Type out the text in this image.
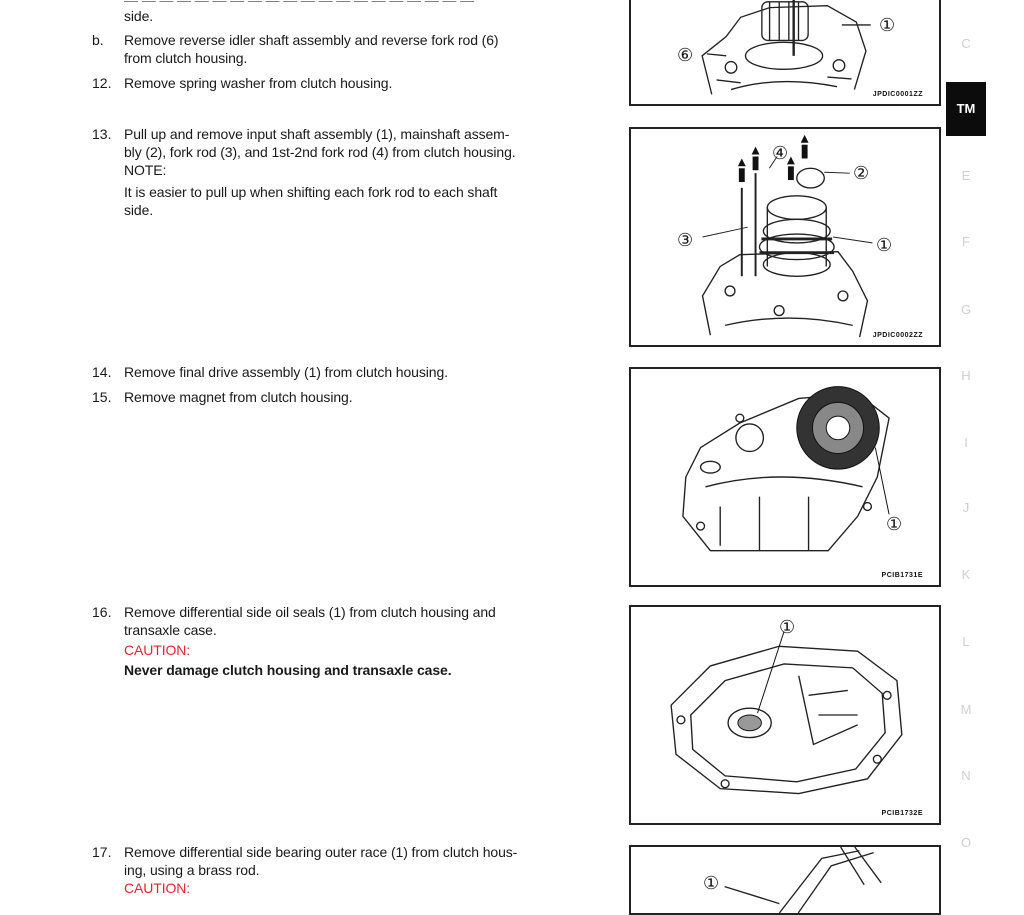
― ― ― ― ― ― ― ― ― ― ― ― ― ― ― ― ― ― ― ―
side.
b. Remove reverse idler shaft assembly and reverse fork rod (6)
from clutch housing.
12. Remove spring washer from clutch housing.
13. Pull up and remove input shaft assembly (1), mainshaft assem-
bly (2), fork rod (3), and 1st-2nd fork rod (4) from clutch housing.
NOTE:
It is easier to pull up when shifting each fork rod to each shaft
side.
14. Remove final drive assembly (1) from clutch housing.
15. Remove magnet from clutch housing.
16. Remove differential side oil seals (1) from clutch housing and
transaxle case.
CAUTION:
Never damage clutch housing and transaxle case.
17. Remove differential side bearing outer race (1) from clutch hous-
ing, using a brass rod.
CAUTION:
①
⑥
JPDIC0001ZZ
④
②
③	①
JPDIC0002ZZ
①
PCIB1731E
①
PCIB1732E
①
C
TM
E
F
G
H
I
J
K
L
M
N
O
